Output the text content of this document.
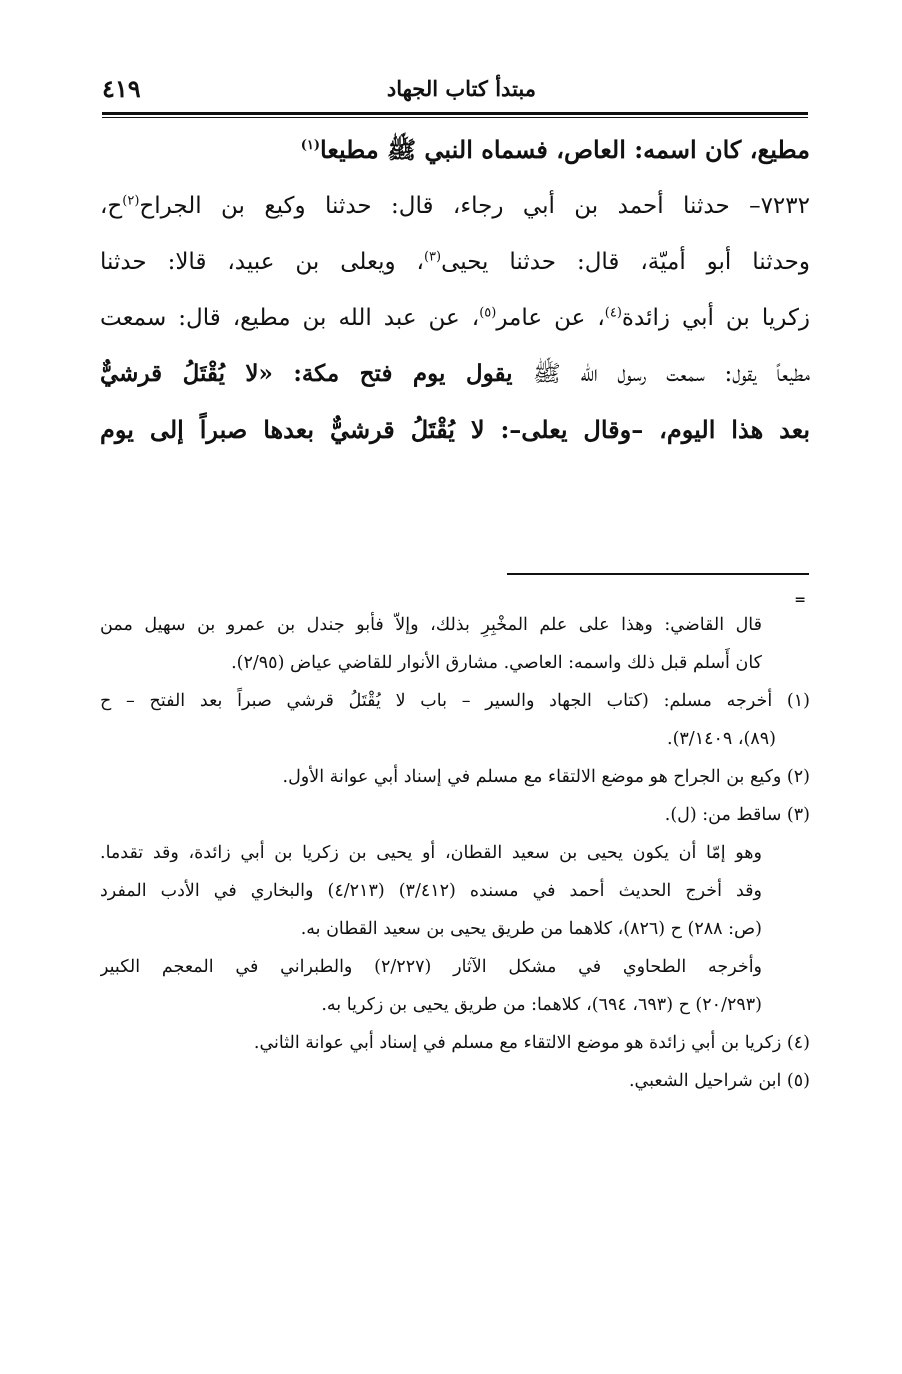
مبتدأ كتاب الجهاد
٤١٩
مطيع، كان اسمه: العاص، فسماه النبي ﷺ مطيعا$^{(١)}$
٧٢٣٢– حدثنا أحمد بن أبي رجاء، قال: حدثنا وكيع بن الجراح$^{(٢)}$ح،
وحدثنا أبو أميّة، قال: حدثنا يحيى$^{(٣)}$، ويعلى بن عبيد، قالا: حدثنا
زكريا بن أبي زائدة$^{(٤)}$، عن عامر$^{(٥)}$، عن عبد الله بن مطيع، قال: سمعت
مطيعاً يقول: سمعت رسول الله ﷺ يقول يوم فتح مكة: «لا يُقْتَلُ قرشيٌّ
بعد هذا اليوم، –وقال يعلى–: لا يُقْتَلُ قرشيٌّ بعدها صبراً إلى يوم
=
قال القاضي: وهذا على علم المخْبِرِ بذلك، وإلاّ فأبو جندل بن عمرو بن سهيل ممن
كان أَسلم قبل ذلك واسمه: العاصي. مشارق الأنوار للقاضي عياض (٢/٩٥).
(١) أخرجه مسلم: (كتاب الجهاد والسير – باب لا يُقْتَلُ قرشي صبراً بعد الفتح – ح
(٨٩)، ٣/١٤٠٩).
(٢) وكيع بن الجراح هو موضع الالتقاء مع مسلم في إسناد أبي عوانة الأول.
(٣) ساقط من: (ل).
وهو إمّا أن يكون يحيى بن سعيد القطان، أو يحيى بن زكريا بن أبي زائدة، وقد تقدما.
وقد أخرج الحديث أحمد في مسنده (٣/٤١٢) (٤/٢١٣) والبخاري في الأدب المفرد
(ص: ٢٨٨) ح (٨٢٦)، كلاهما من طريق يحيى بن سعيد القطان به.
وأخرجه الطحاوي في مشكل الآثار (٢/٢٢٧) والطبراني في المعجم الكبير
(٢٠/٢٩٣) ح (٦٩٣، ٦٩٤)، كلاهما: من طريق يحيى بن زكريا به.
(٤) زكريا بن أبي زائدة هو موضع الالتقاء مع مسلم في إسناد أبي عوانة الثاني.
(٥) ابن شراحيل الشعبي.
